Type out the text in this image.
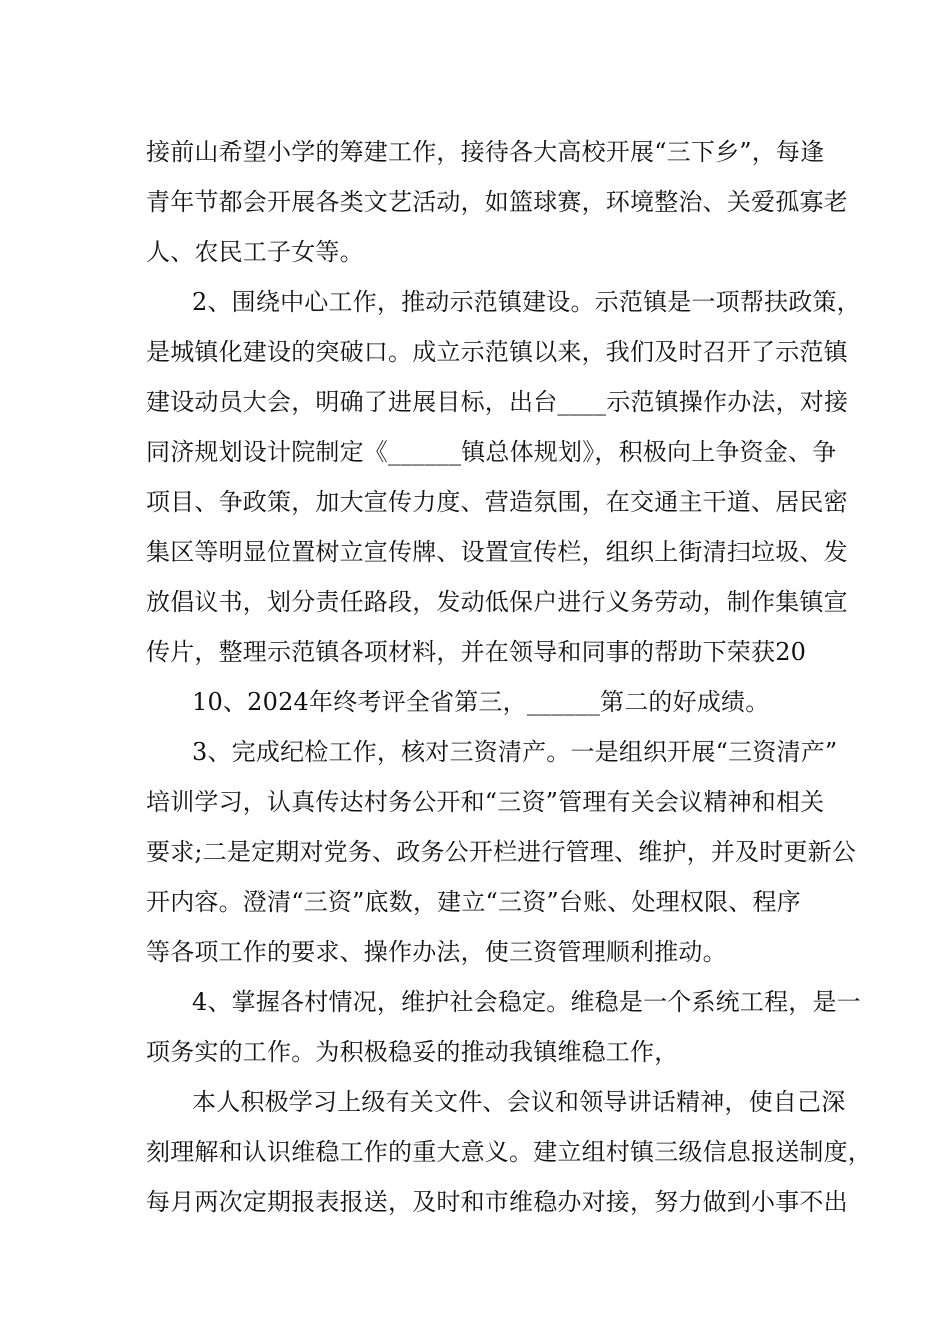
接前山希望小学的筹建工作，接待各大高校开展“三下乡”，每逢
青年节都会开展各类文艺活动，如篮球赛，环境整治、关爱孤寡老
人、农民工子女等。
2、围绕中心工作，推动示范镇建设。示范镇是一项帮扶政策，
是城镇化建设的突破口。成立示范镇以来，我们及时召开了示范镇
建设动员大会，明确了进展目标，出台____示范镇操作办法，对接
同济规划设计院制定《______镇总体规划》，积极向上争资金、争
项目、争政策，加大宣传力度、营造氛围，在交通主干道、居民密
集区等明显位置树立宣传牌、设置宣传栏，组织上街清扫垃圾、发
放倡议书，划分责任路段，发动低保户进行义务劳动，制作集镇宣
传片，整理示范镇各项材料，并在领导和同事的帮助下荣获20
10、2024年终考评全省第三，______第二的好成绩。
3、完成纪检工作，核对三资清产。一是组织开展“三资清产”
培训学习，认真传达村务公开和“三资”管理有关会议精神和相关
要求;二是定期对党务、政务公开栏进行管理、维护，并及时更新公
开内容。澄清“三资”底数，建立“三资”台账、处理权限、程序
等各项工作的要求、操作办法，使三资管理顺利推动。
4、掌握各村情况，维护社会稳定。维稳是一个系统工程，是一
项务实的工作。为积极稳妥的推动我镇维稳工作，
本人积极学习上级有关文件、会议和领导讲话精神，使自己深
刻理解和认识维稳工作的重大意义。建立组村镇三级信息报送制度，
每月两次定期报表报送，及时和市维稳办对接，努力做到小事不出
